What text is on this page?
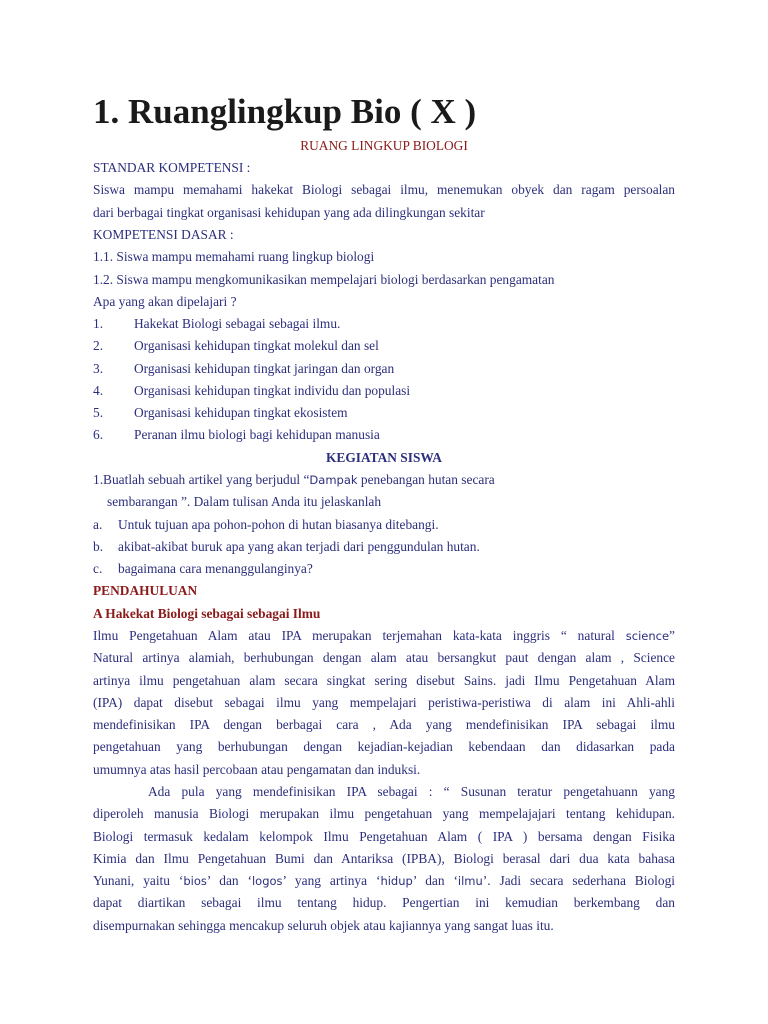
1. Ruanglingkup Bio ( X )
RUANG LINGKUP BIOLOGI
STANDAR KOMPETENSI :
Siswa mampu memahami hakekat Biologi sebagai ilmu, menemukan obyek dan ragam persoalan
dari berbagai tingkat organisasi kehidupan yang ada dilingkungan sekitar
KOMPETENSI DASAR :
1.1. Siswa mampu memahami ruang lingkup biologi
1.2. Siswa mampu mengkomunikasikan mempelajari biologi berdasarkan pengamatan
Apa yang akan dipelajari ?
1. Hakekat Biologi sebagai sebagai ilmu.
2. Organisasi kehidupan tingkat molekul dan sel
3. Organisasi kehidupan tingkat jaringan dan organ
4. Organisasi kehidupan tingkat individu dan populasi
5. Organisasi kehidupan tingkat ekosistem
6. Peranan ilmu biologi bagi kehidupan manusia
KEGIATAN SISWA
1.Buatlah sebuah artikel yang berjudul “Dampak penebangan hutan secara
sembarangan ”. Dalam tulisan Anda itu jelaskanlah
a. Untuk tujuan apa pohon-pohon di hutan biasanya ditebangi.
b. akibat-akibat buruk apa yang akan terjadi dari penggundulan hutan.
c. bagaimana cara menanggulanginya?
PENDAHULUAN
A Hakekat Biologi sebagai sebagai Ilmu
Ilmu Pengetahuan Alam atau IPA merupakan terjemahan kata-kata inggris “ natural science”
Natural artinya alamiah, berhubungan dengan alam atau bersangkut paut dengan alam , Science
artinya ilmu pengetahuan alam secara singkat sering disebut Sains. jadi Ilmu Pengetahuan Alam
(IPA) dapat disebut sebagai ilmu yang mempelajari peristiwa-peristiwa di alam ini Ahli-ahli
mendefinisikan IPA dengan berbagai cara , Ada yang mendefinisikan IPA sebagai ilmu
pengetahuan yang berhubungan dengan kejadian-kejadian kebendaan dan didasarkan pada
umumnya atas hasil percobaan atau pengamatan dan induksi.
Ada pula yang mendefinisikan IPA sebagai : “ Susunan teratur pengetahuann yang
diperoleh manusia Biologi merupakan ilmu pengetahuan yang mempelajajari tentang kehidupan.
Biologi termasuk kedalam kelompok Ilmu Pengetahuan Alam ( IPA ) bersama dengan Fisika
Kimia dan Ilmu Pengetahuan Bumi dan Antariksa (IPBA), Biologi berasal dari dua kata bahasa
Yunani, yaitu ‘bios’ dan ‘logos’ yang artinya ‘hidup’ dan ‘ilmu’. Jadi secara sederhana Biologi
dapat diartikan sebagai ilmu tentang hidup. Pengertian ini kemudian berkembang dan
disempurnakan sehingga mencakup seluruh objek atau kajiannya yang sangat luas itu.
